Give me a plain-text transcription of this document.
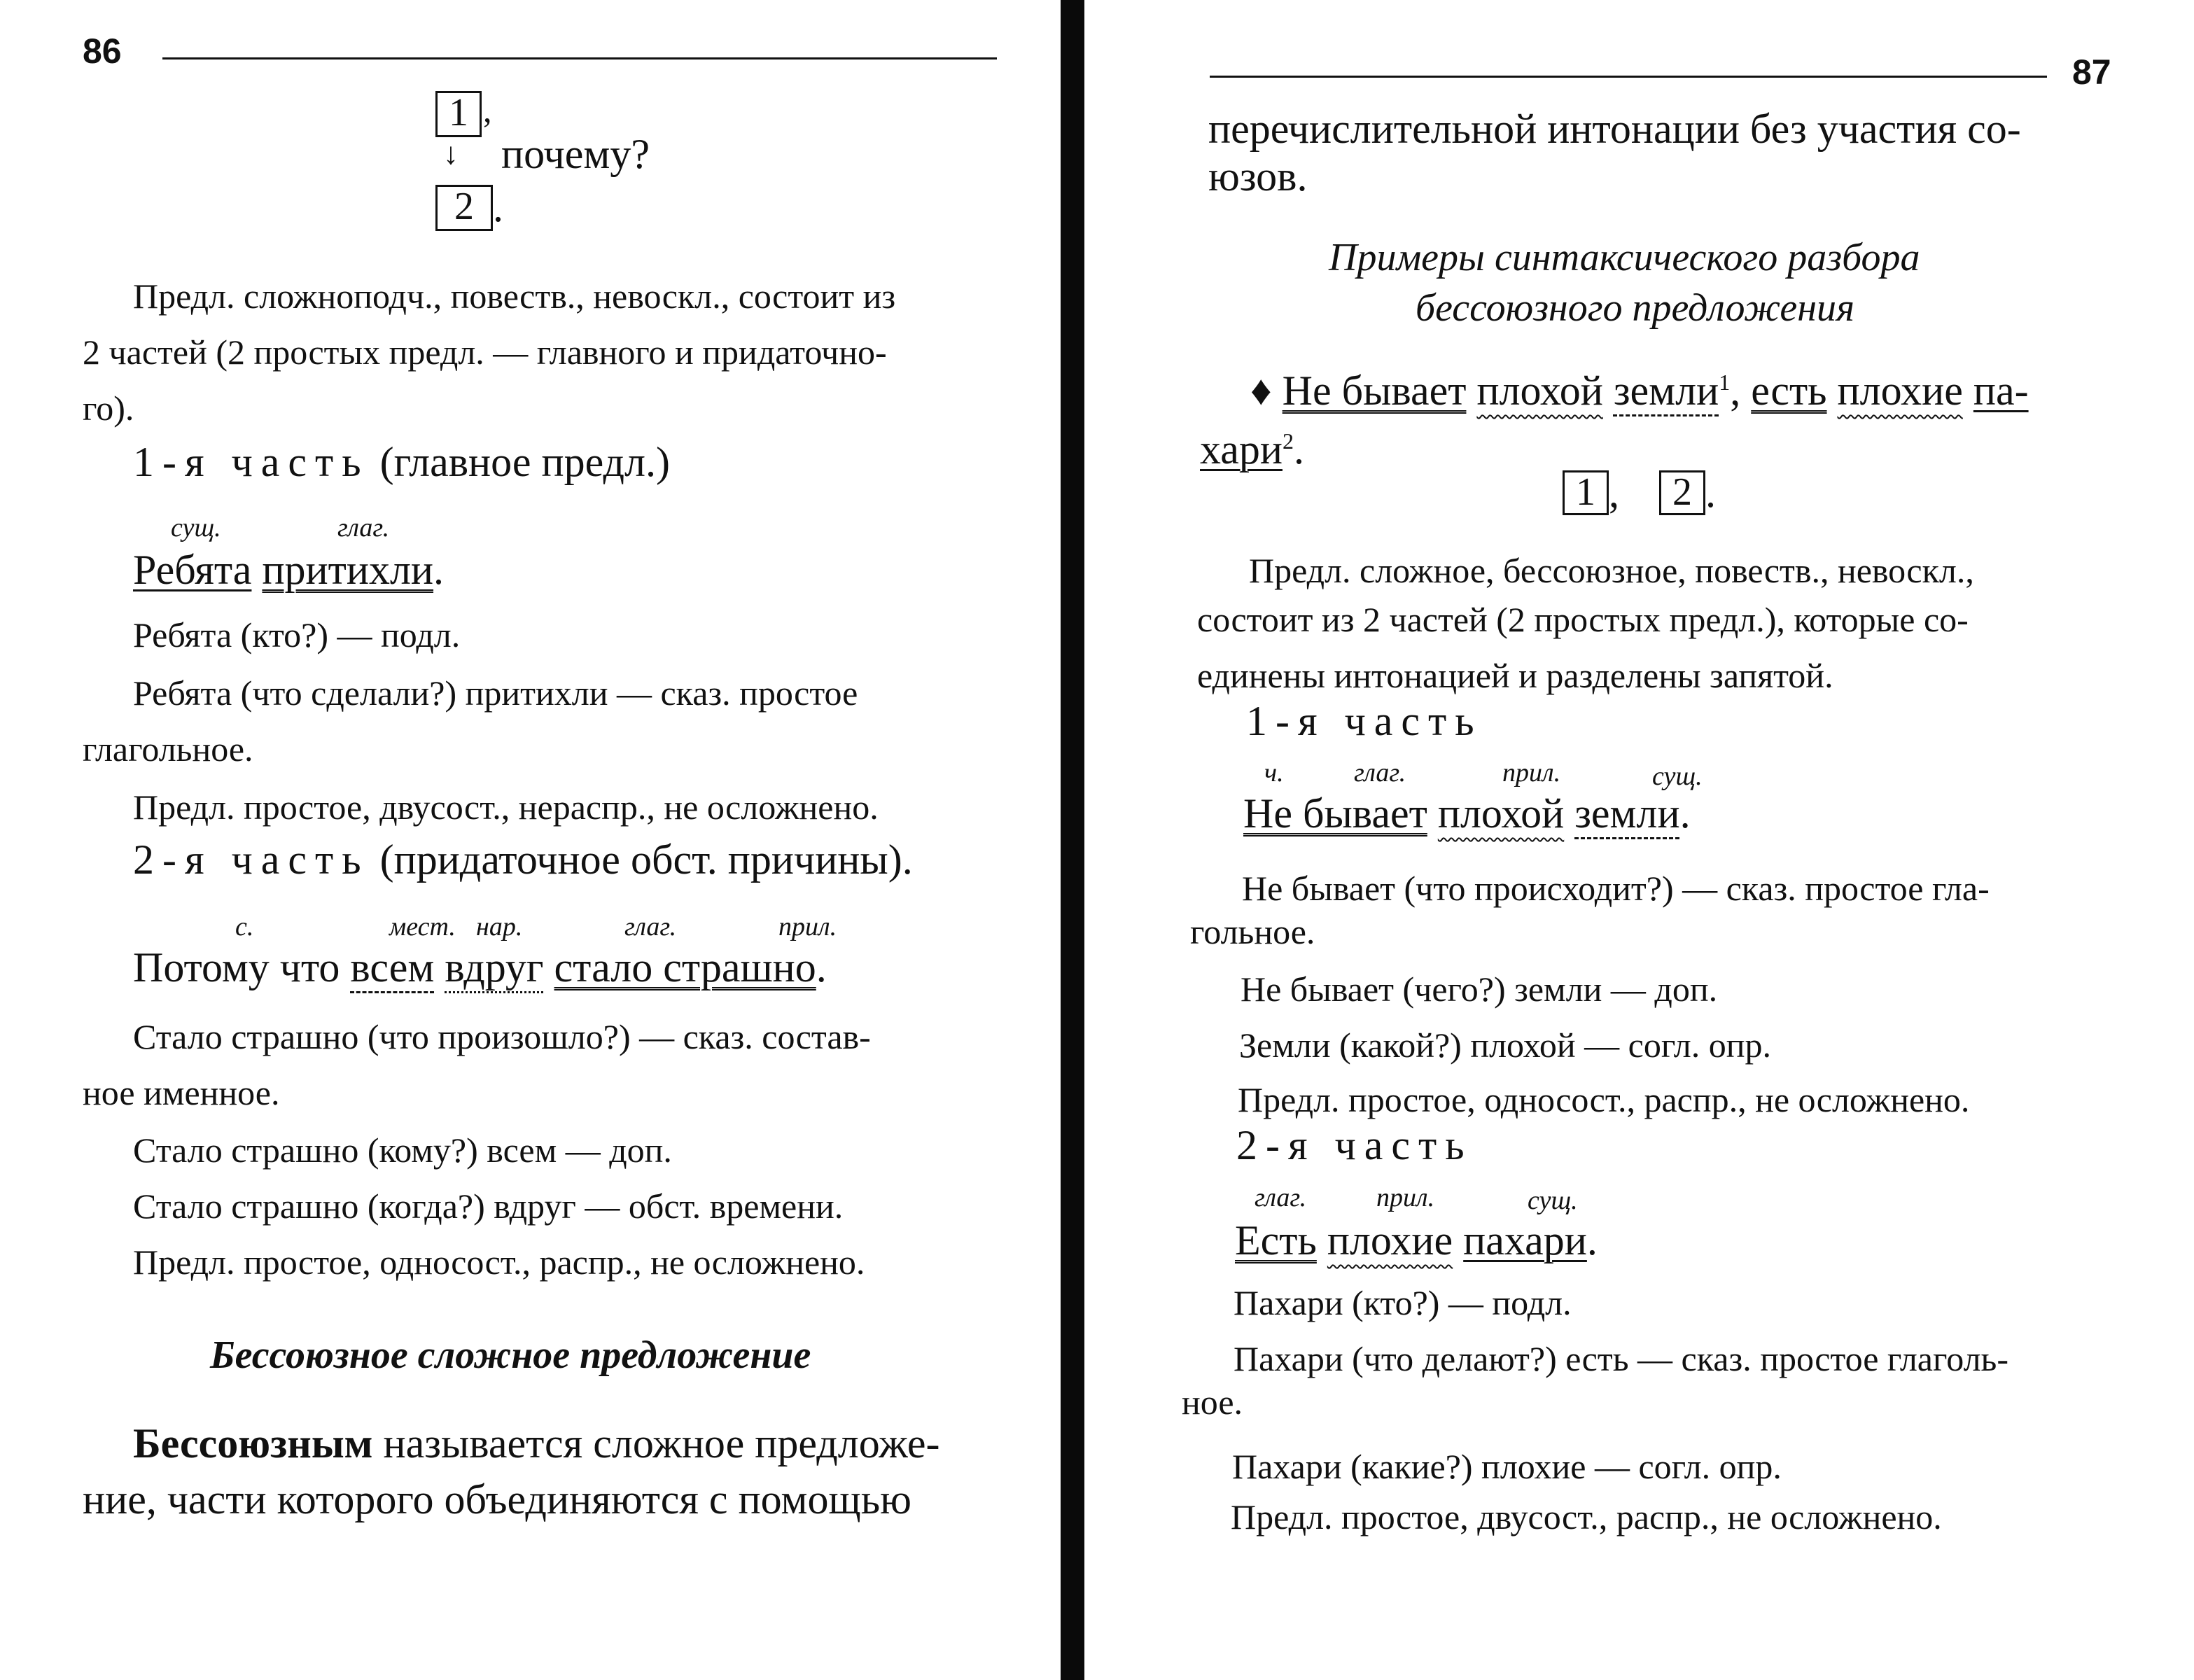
86
1 ,
↓ почему?
2 .
Предл. сложноподч., повеств., невоскл., состоит из
2 частей (2 простых предл. — главного и придаточно-
го).
1-я часть (главное предл.)
сущ.	глаг.
Ребята притихли.
Ребята (кто?) — подл.
Ребята (что сделали?) притихли — сказ. простое
глагольное.
Предл. простое, двусост., нераспр., не осложнено.
2-я часть (придаточное обст. причины).
с.	мест. нар.	глаг.	прил.
Потому что всем вдруг стало страшно.
Стало страшно (что произошло?) — сказ. состав-
ное именное.
Стало страшно (кому?) всем — доп.
Стало страшно (когда?) вдруг — обст. времени.
Предл. простое, односост., распр., не осложнено.
Бессоюзное сложное предложение
Бессоюзным называется сложное предложе-
ние, части которого объединяются с помощью
87
перечислительной интонации без участия со-
юзов.
Примеры синтаксического разбора
бессоюзного предложения
♦ Не бывает плохой земли$^1$, есть плохие па-
хари$^2$.
1 ,	2 .
Предл. сложное, бессоюзное, повеств., невоскл.,
состоит из 2 частей (2 простых предл.), которые со-
единены интонацией и разделены запятой.
1-я часть
ч.	глаг.	прил.	сущ.
Не бывает плохой земли.
Не бывает (что происходит?) — сказ. простое гла-
гольное.
Не бывает (чего?) земли — доп.
Земли (какой?) плохой — согл. опр.
Предл. простое, односост., распр., не осложнено.
2-я часть
глаг.	прил.	сущ.
Есть плохие пахари.
Пахари (кто?) — подл.
Пахари (что делают?) есть — сказ. простое глаголь-
ное.
Пахари (какие?) плохие — согл. опр.
Предл. простое, двусост., распр., не осложнено.
